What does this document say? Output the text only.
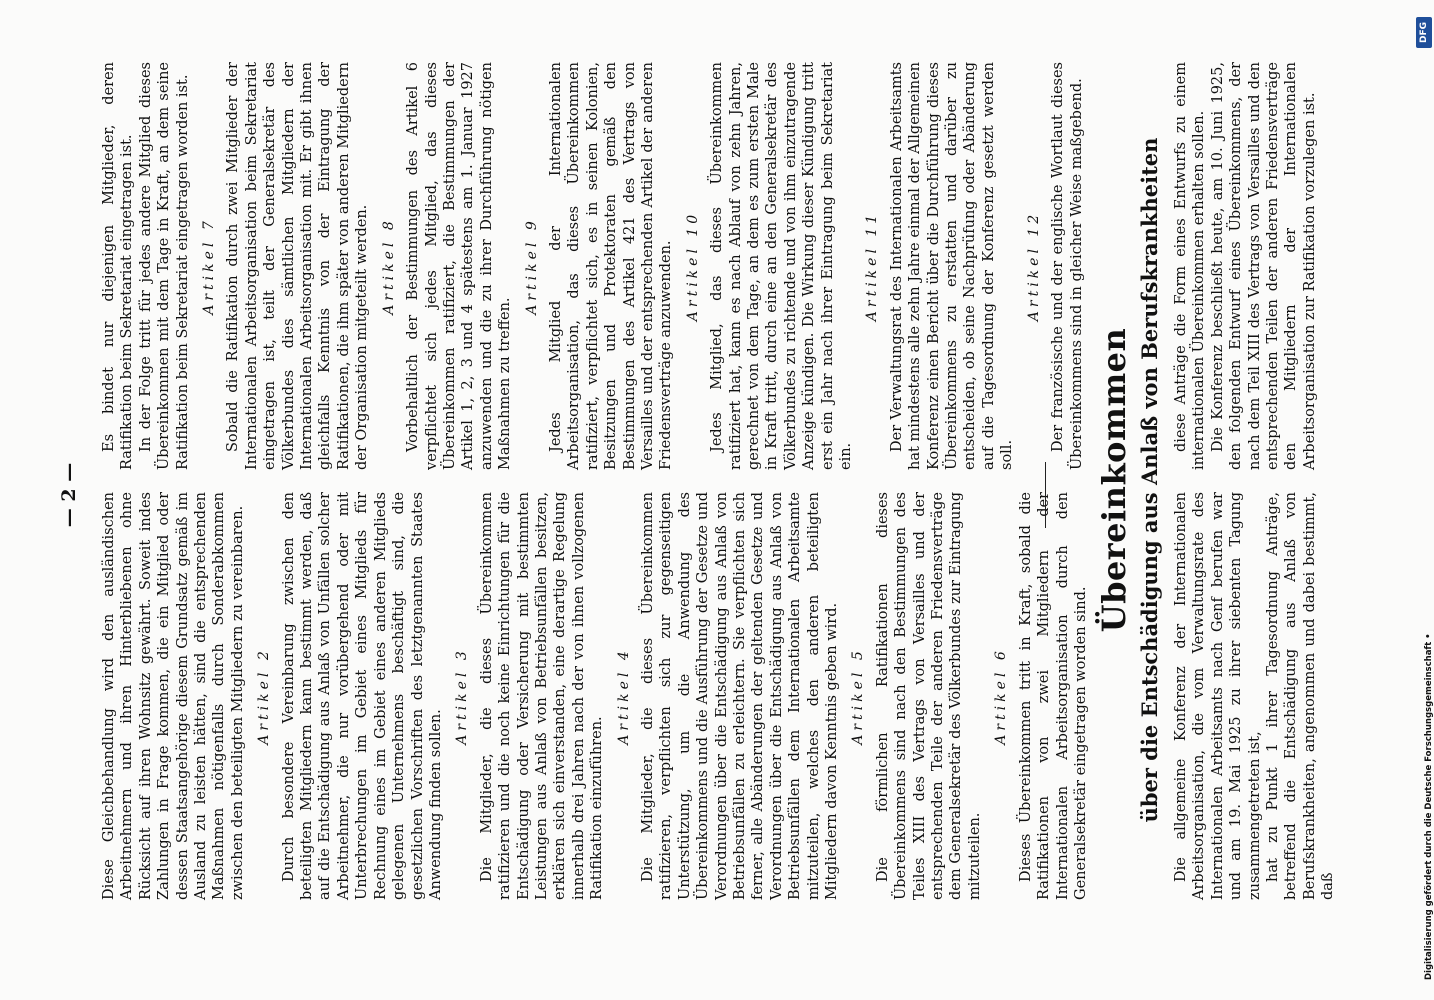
— 2 — Diese Gleichbehandlung wird den ausländischen Arbeitnehmern und ihren Hinterbliebenen ohne Rücksicht auf ihren Wohnsitz gewährt. Soweit indes Zahlungen in Frage kommen, die ein Mitglied oder dessen Staatsangehörige diesem Grundsatz gemäß im Ausland zu leisten hätten, sind die entsprechenden Maßnahmen nötigenfalls durch Sonderabkommen zwischen den beteiligten Mitgliedern zu vereinbaren. Artikel 2 Durch besondere Vereinbarung zwischen den beteiligten Mitgliedern kann bestimmt werden, daß auf die Entschädigung aus Anlaß von Unfällen solcher Arbeitnehmer, die nur vorübergehend oder mit Unterbrechungen im Gebiet eines Mitglieds für Rechnung eines im Gebiet eines anderen Mitglieds gelegenen Unternehmens beschäftigt sind, die gesetzlichen Vorschriften des letztgenannten Staates Anwendung finden sollen.

Artikel 3 Die Mitglieder, die dieses Übereinkommen ratifizieren und die noch keine Einrichtungen für die Entschädigung oder Versicherung mit bestimmten Leistungen aus Anlaß von Betriebsunfällen besitzen, erklären sich einverstanden, eine derartige Regelung innerhalb drei Jahren nach der von ihnen vollzogenen Ratifikation einzuführen.

Artikel 4 Die Mitglieder, die dieses Übereinkommen ratifizieren, verpflichten sich zur gegenseitigen Unterstützung, um die Anwendung des Übereinkommens und die Ausführung der Gesetze und Verordnungen über die Entschädigung aus Anlaß von Betriebsunfällen zu erleichtern. Sie verpflichten sich ferner, alle Abänderungen der geltenden Gesetze und Verordnungen über die Entschädigung aus Anlaß von Betriebsunfällen dem Internationalen Arbeitsamte mitzuteilen, welches den anderen beteiligten Mitgliedern davon Kenntnis geben wird. Artikel 5 Die förmlichen Ratifikationen dieses Übereinkommens sind nach den Bestimmungen des Teiles XIII des Vertrags von Versailles und der entsprechenden Teile der anderen Friedensverträge dem Generalsekretär des Völkerbundes zur Eintragung mitzuteilen.

Artikel 6 Dieses Übereinkommen tritt in Kraft, sobald die Ratifikationen von zwei Mitgliedern der Internationalen Arbeitsorganisation durch den Generalsekretär eingetragen worden sind.

Es bindet nur diejenigen Mitglieder, deren Ratifikation beim Sekretariat eingetragen ist. In der Folge tritt für jedes andere Mitglied dieses Übereinkommen mit dem Tage in Kraft, an dem seine Ratifikation beim Sekretariat eingetragen worden ist. Artikel 7 Sobald die Ratifikation durch zwei Mitglieder der Internationalen Arbeitsorganisation beim Sekretariat eingetragen ist, teilt der Generalsekretär des Völkerbundes dies sämtlichen Mitgliedern der Internationalen Arbeitsorganisation mit. Er gibt ihnen gleichfalls Kenntnis von der Eintragung der Ratifikationen, die ihm später von anderen Mitgliedern der Organisation mitgeteilt werden. Artikel 8 Vorbehaltlich der Bestimmungen des Artikel 6 verpflichtet sich jedes Mitglied, das dieses Übereinkommen ratifiziert, die Bestimmungen der Artikel 1, 2, 3 und 4 spätestens am 1. Januar 1927 anzuwenden und die zu ihrer Durchführung nötigen Maßnahmen zu treffen.

Artikel 9 Jedes Mitglied der Internationalen Arbeitsorganisation, das dieses Übereinkommen ratifiziert, verpflichtet sich, es in seinen Kolonien, Besitzungen und Protektoraten gemäß den Bestimmungen des Artikel 421 des Vertrags von Versailles und der entsprechenden Artikel der anderen Friedensverträge anzuwenden. Artikel 10 Jedes Mitglied, das dieses Übereinkommen ratifiziert hat, kann es nach Ablauf von zehn Jahren, gerechnet von dem Tage, an dem es zum ersten Male in Kraft tritt, durch eine an den Generalsekretär des Völkerbundes zu richtende und von ihm einzutragende Anzeige kündigen. Die Wirkung dieser Kündigung tritt erst ein Jahr nach ihrer Eintragung beim Sekretariat ein.

Artikel 11 Der Verwaltungsrat des Internationalen Arbeitsamts hat mindestens alle zehn Jahre einmal der Allgemeinen Konferenz einen Bericht über die Durchführung dieses Übereinkommens zu erstatten und darüber zu entscheiden, ob seine Nachprüfung oder Abänderung auf die Tagesordnung der Konferenz gesetzt werden soll.

Artikel 12 Der französische und der englische Wortlaut dieses Übereinkommens sind in gleicher Weise maßgebend.

Übereinkommen über die Entschädigung aus Anlaß von Berufskrankheiten Die allgemeine Konferenz der Internationalen Arbeitsorganisation, die vom Verwaltungsrate des Internationalen Arbeitsamts nach Genf berufen war und am 19. Mai 1925 zu ihrer siebenten Tagung zusammengetreten ist, hat zu Punkt 1 ihrer Tagesordnung Anträge, betreffend die Entschädigung aus Anlaß von Berufskrankheiten, angenommen und dabei bestimmt, daß

diese Anträge die Form eines Entwurfs zu einem internationalen Übereinkommen erhalten sollen. Die Konferenz beschließt heute, am 10. Juni 1925, den folgenden Entwurf eines Übereinkommens, der nach dem Teil XIII des Vertrags von Versailles und den entsprechenden Teilen der anderen Friedensverträge den Mitgliedern der Internationalen Arbeitsorganisation zur Ratifikation vorzulegen ist.

Digitalisierung gefördert durch die Deutsche Forschungsgemeinschaft •
DFG
